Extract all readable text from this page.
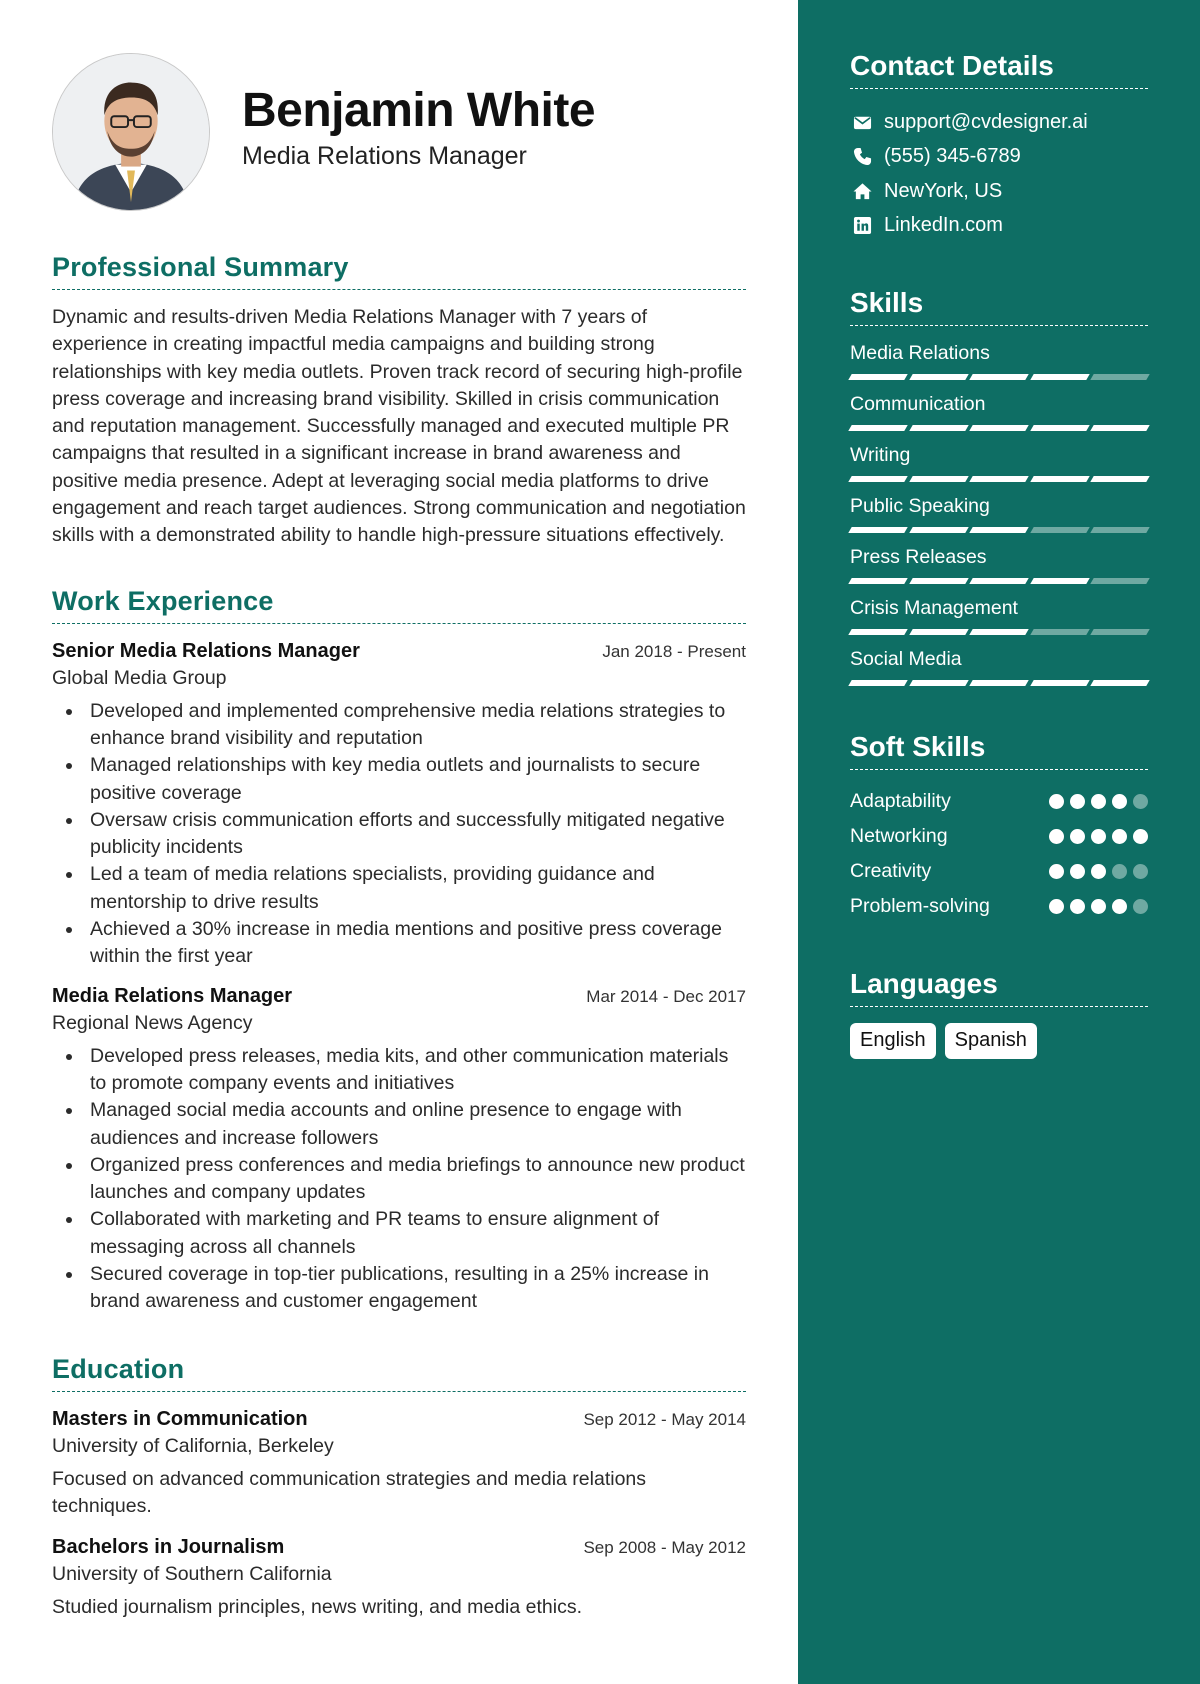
Benjamin White
Media Relations Manager
Professional Summary
Dynamic and results-driven Media Relations Manager with 7 years of experience in creating impactful media campaigns and building strong relationships with key media outlets. Proven track record of securing high-profile press coverage and increasing brand visibility. Skilled in crisis communication and reputation management. Successfully managed and executed multiple PR campaigns that resulted in a significant increase in brand awareness and positive media presence. Adept at leveraging social media platforms to drive engagement and reach target audiences. Strong communication and negotiation skills with a demonstrated ability to handle high-pressure situations effectively.
Work Experience
Senior Media Relations Manager	Jan 2018 - Present
Global Media Group
Developed and implemented comprehensive media relations strategies to enhance brand visibility and reputation
Managed relationships with key media outlets and journalists to secure positive coverage
Oversaw crisis communication efforts and successfully mitigated negative publicity incidents
Led a team of media relations specialists, providing guidance and mentorship to drive results
Achieved a 30% increase in media mentions and positive press coverage within the first year
Media Relations Manager	Mar 2014 - Dec 2017
Regional News Agency
Developed press releases, media kits, and other communication materials to promote company events and initiatives
Managed social media accounts and online presence to engage with audiences and increase followers
Organized press conferences and media briefings to announce new product launches and company updates
Collaborated with marketing and PR teams to ensure alignment of messaging across all channels
Secured coverage in top-tier publications, resulting in a 25% increase in brand awareness and customer engagement
Education
Masters in Communication	Sep 2012 - May 2014
University of California, Berkeley
Focused on advanced communication strategies and media relations techniques.
Bachelors in Journalism	Sep 2008 - May 2012
University of Southern California
Studied journalism principles, news writing, and media ethics.
Contact Details
support@cvdesigner.ai
(555) 345-6789
NewYork, US
LinkedIn.com
Skills
Media Relations
Communication
Writing
Public Speaking
Press Releases
Crisis Management
Social Media
Soft Skills
Adaptability
Networking
Creativity
Problem-solving
Languages
English	Spanish
